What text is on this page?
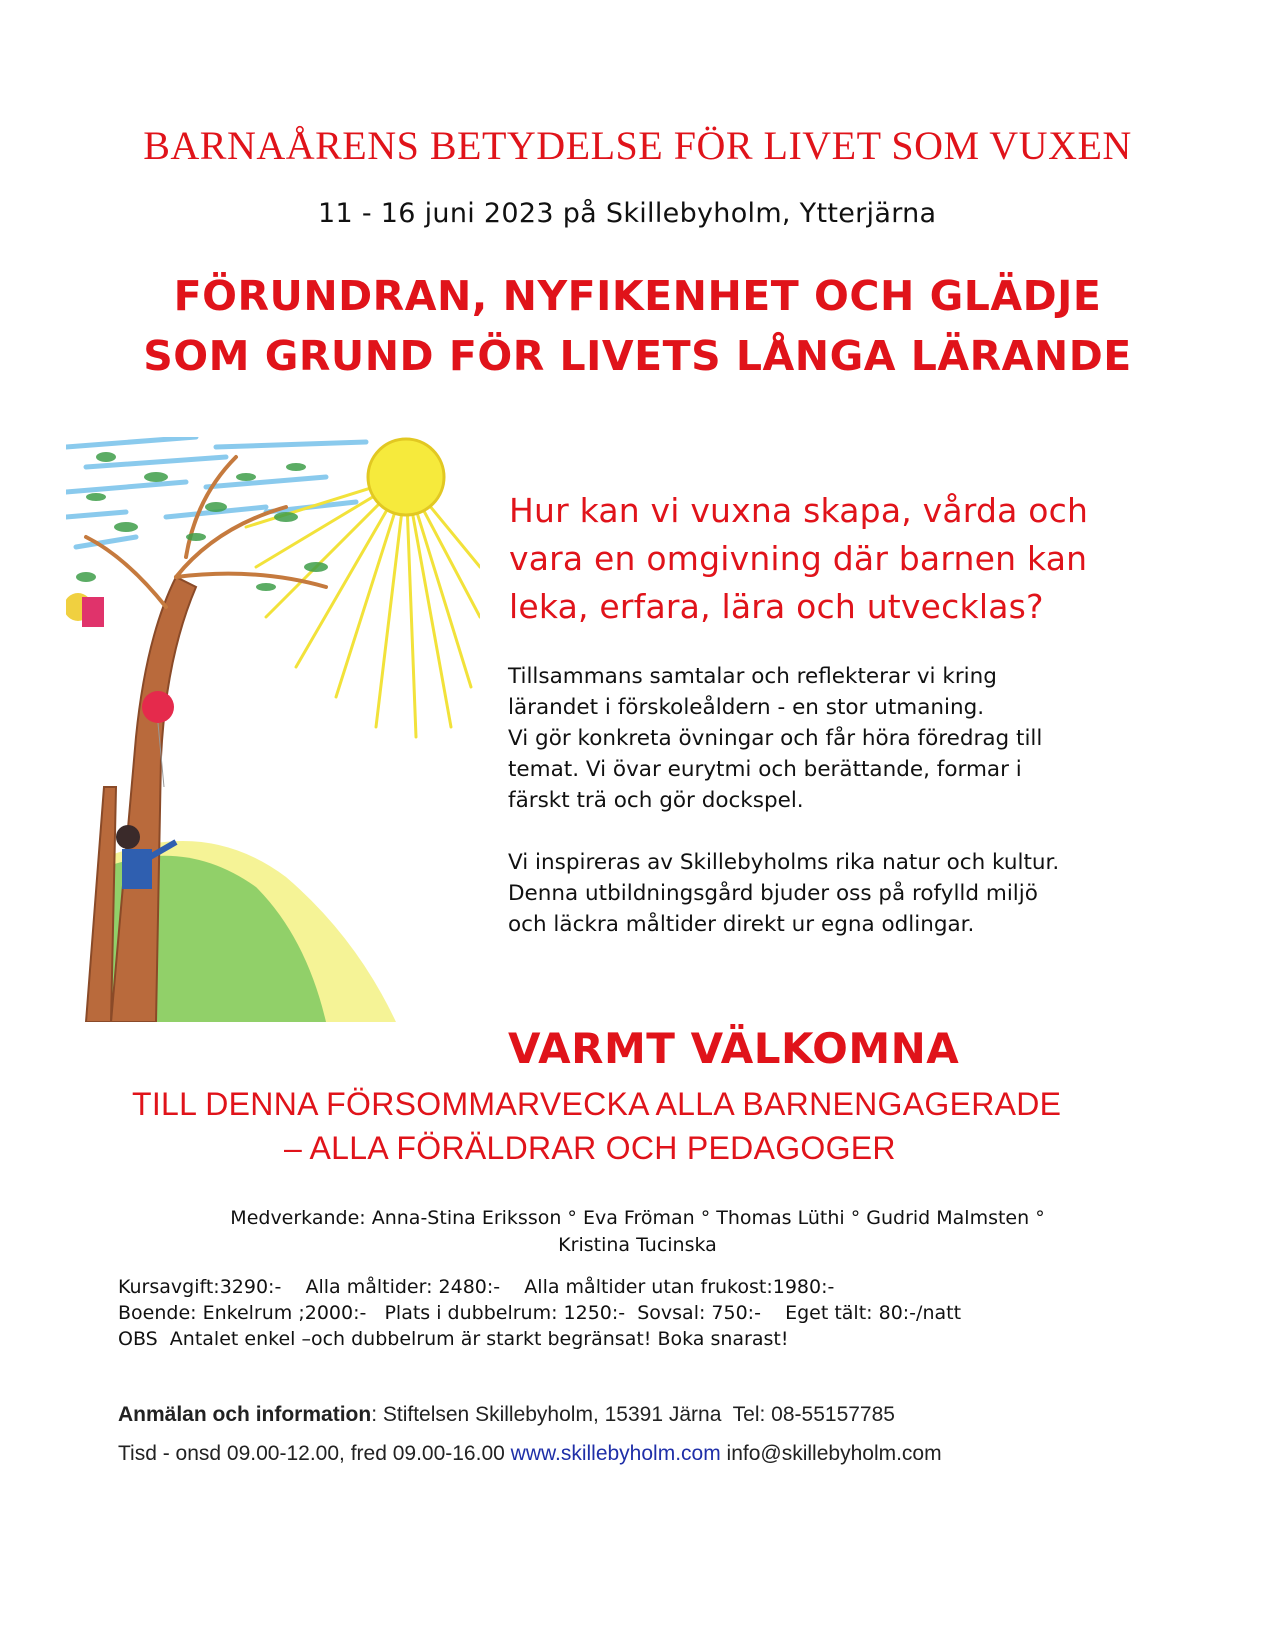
BARNAÅRENS BETYDELSE FÖR LIVET SOM VUXEN
11 - 16 juni 2023 på Skillebyholm, Ytterjärna
FÖRUNDRAN, NYFIKENHET OCH GLÄDJE
SOM GRUND FÖR LIVETS LÅNGA LÄRANDE
Hur kan vi vuxna skapa, vårda och
vara en omgivning där barnen kan
leka, erfara, lära och utvecklas?
Tillsammans samtalar och reflekterar vi kring
lärandet i förskoleåldern - en stor utmaning.
Vi gör konkreta övningar och får höra föredrag till
temat. Vi övar eurytmi och berättande, formar i
färskt trä och gör dockspel.
Vi inspireras av Skillebyholms rika natur och kultur.
Denna utbildningsgård bjuder oss på rofylld miljö
och läckra måltider direkt ur egna odlingar.
VARMT VÄLKOMNA
TILL DENNA FÖRSOMMARVECKA ALLA BARNENGAGERADE
– ALLA FÖRÄLDRAR OCH PEDAGOGER
Medverkande: Anna-Stina Eriksson ° Eva Fröman ° Thomas Lüthi ° Gudrid Malmsten °
Kristina Tucinska
Kursavgift:3290:-    Alla måltider: 2480:-    Alla måltider utan frukost:1980:-
Boende: Enkelrum ;2000:-   Plats i dubbelrum: 1250:-  Sovsal: 750:-    Eget tält: 80:-/natt
OBS  Antalet enkel –och dubbelrum är starkt begränsat! Boka snarast!
Anmälan och information: Stiftelsen Skillebyholm, 15391 Järna  Tel: 08-55157785
Tisd - onsd 09.00-12.00, fred 09.00-16.00 www.skillebyholm.com info@skillebyholm.com
